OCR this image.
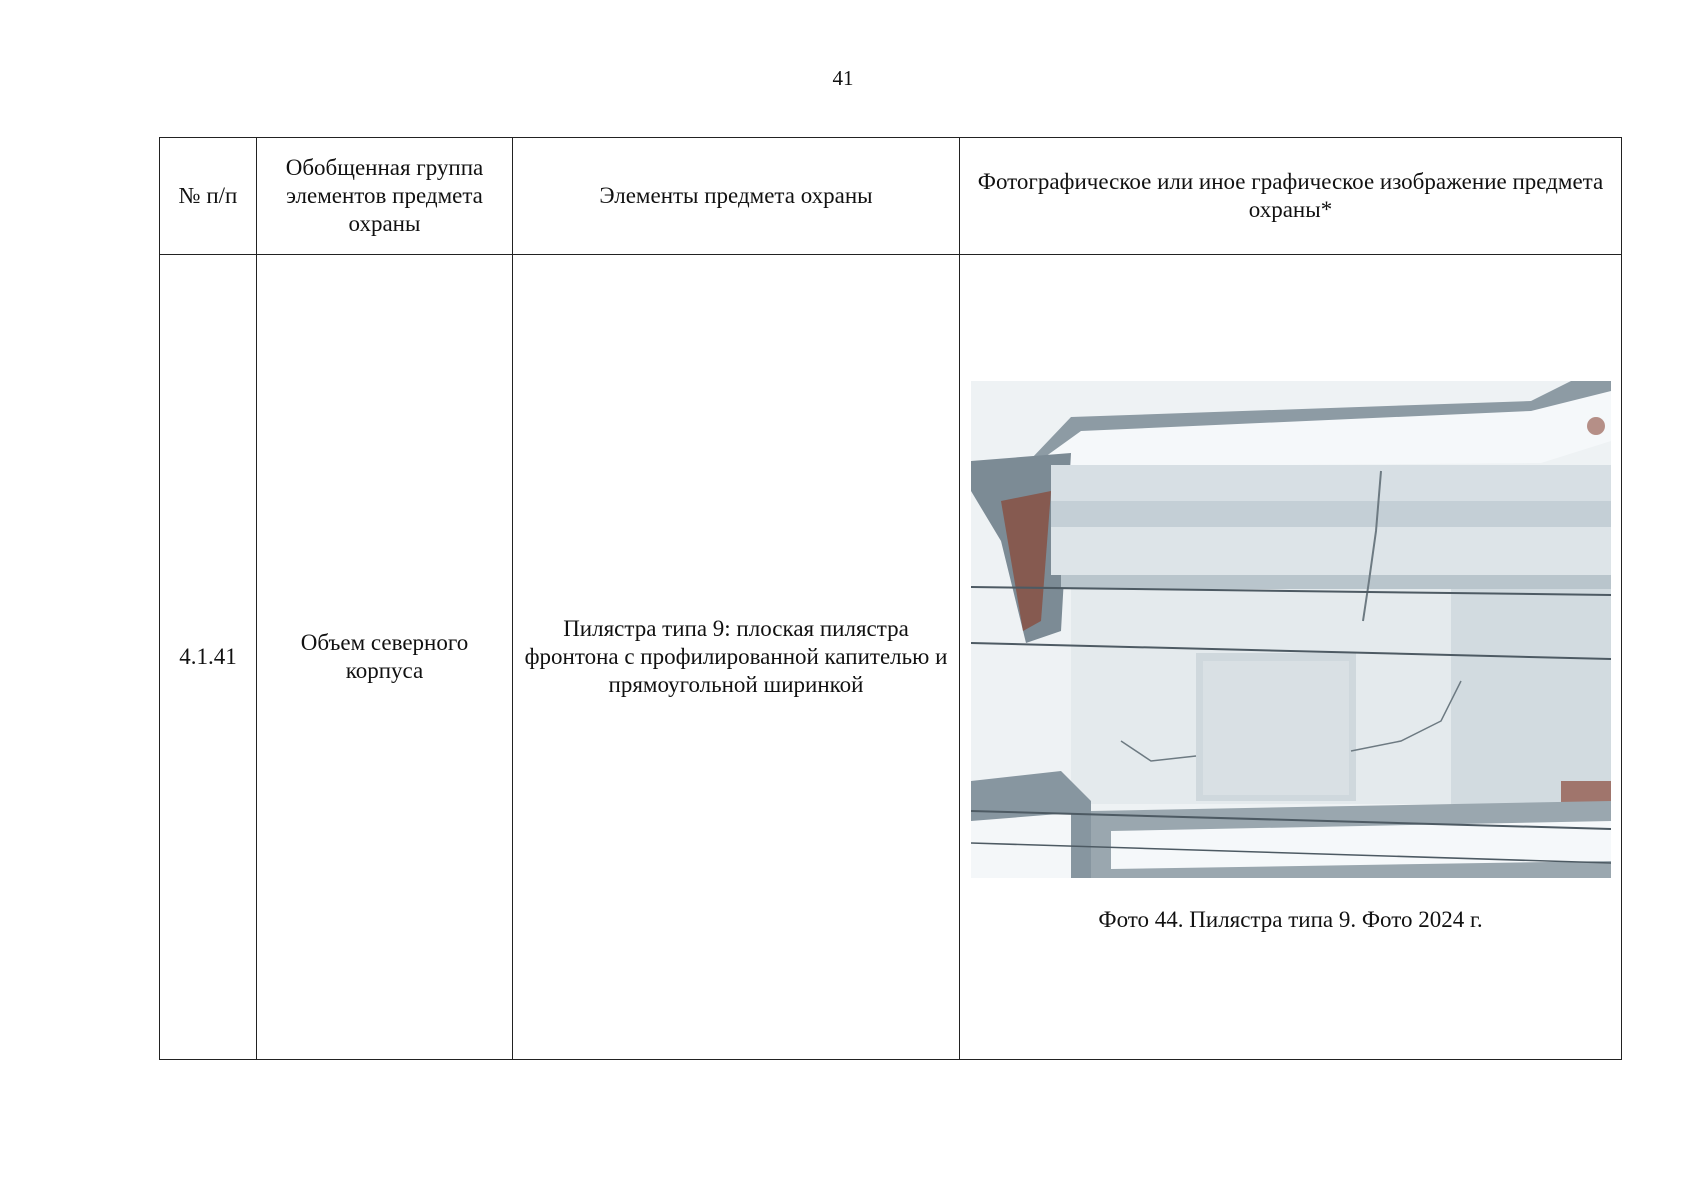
41
№ п/п	Обобщенная группа элементов предмета охраны	Элементы предмета охраны	Фотографическое или иное графическое изображение предмета охраны*
4.1.41	Объем северного корпуса	Пилястра типа 9: плоская пилястра фронтона с профилированной капителью и прямоугольной ширинкой	Фото 44. Пилястра типа 9. Фото 2024 г.
